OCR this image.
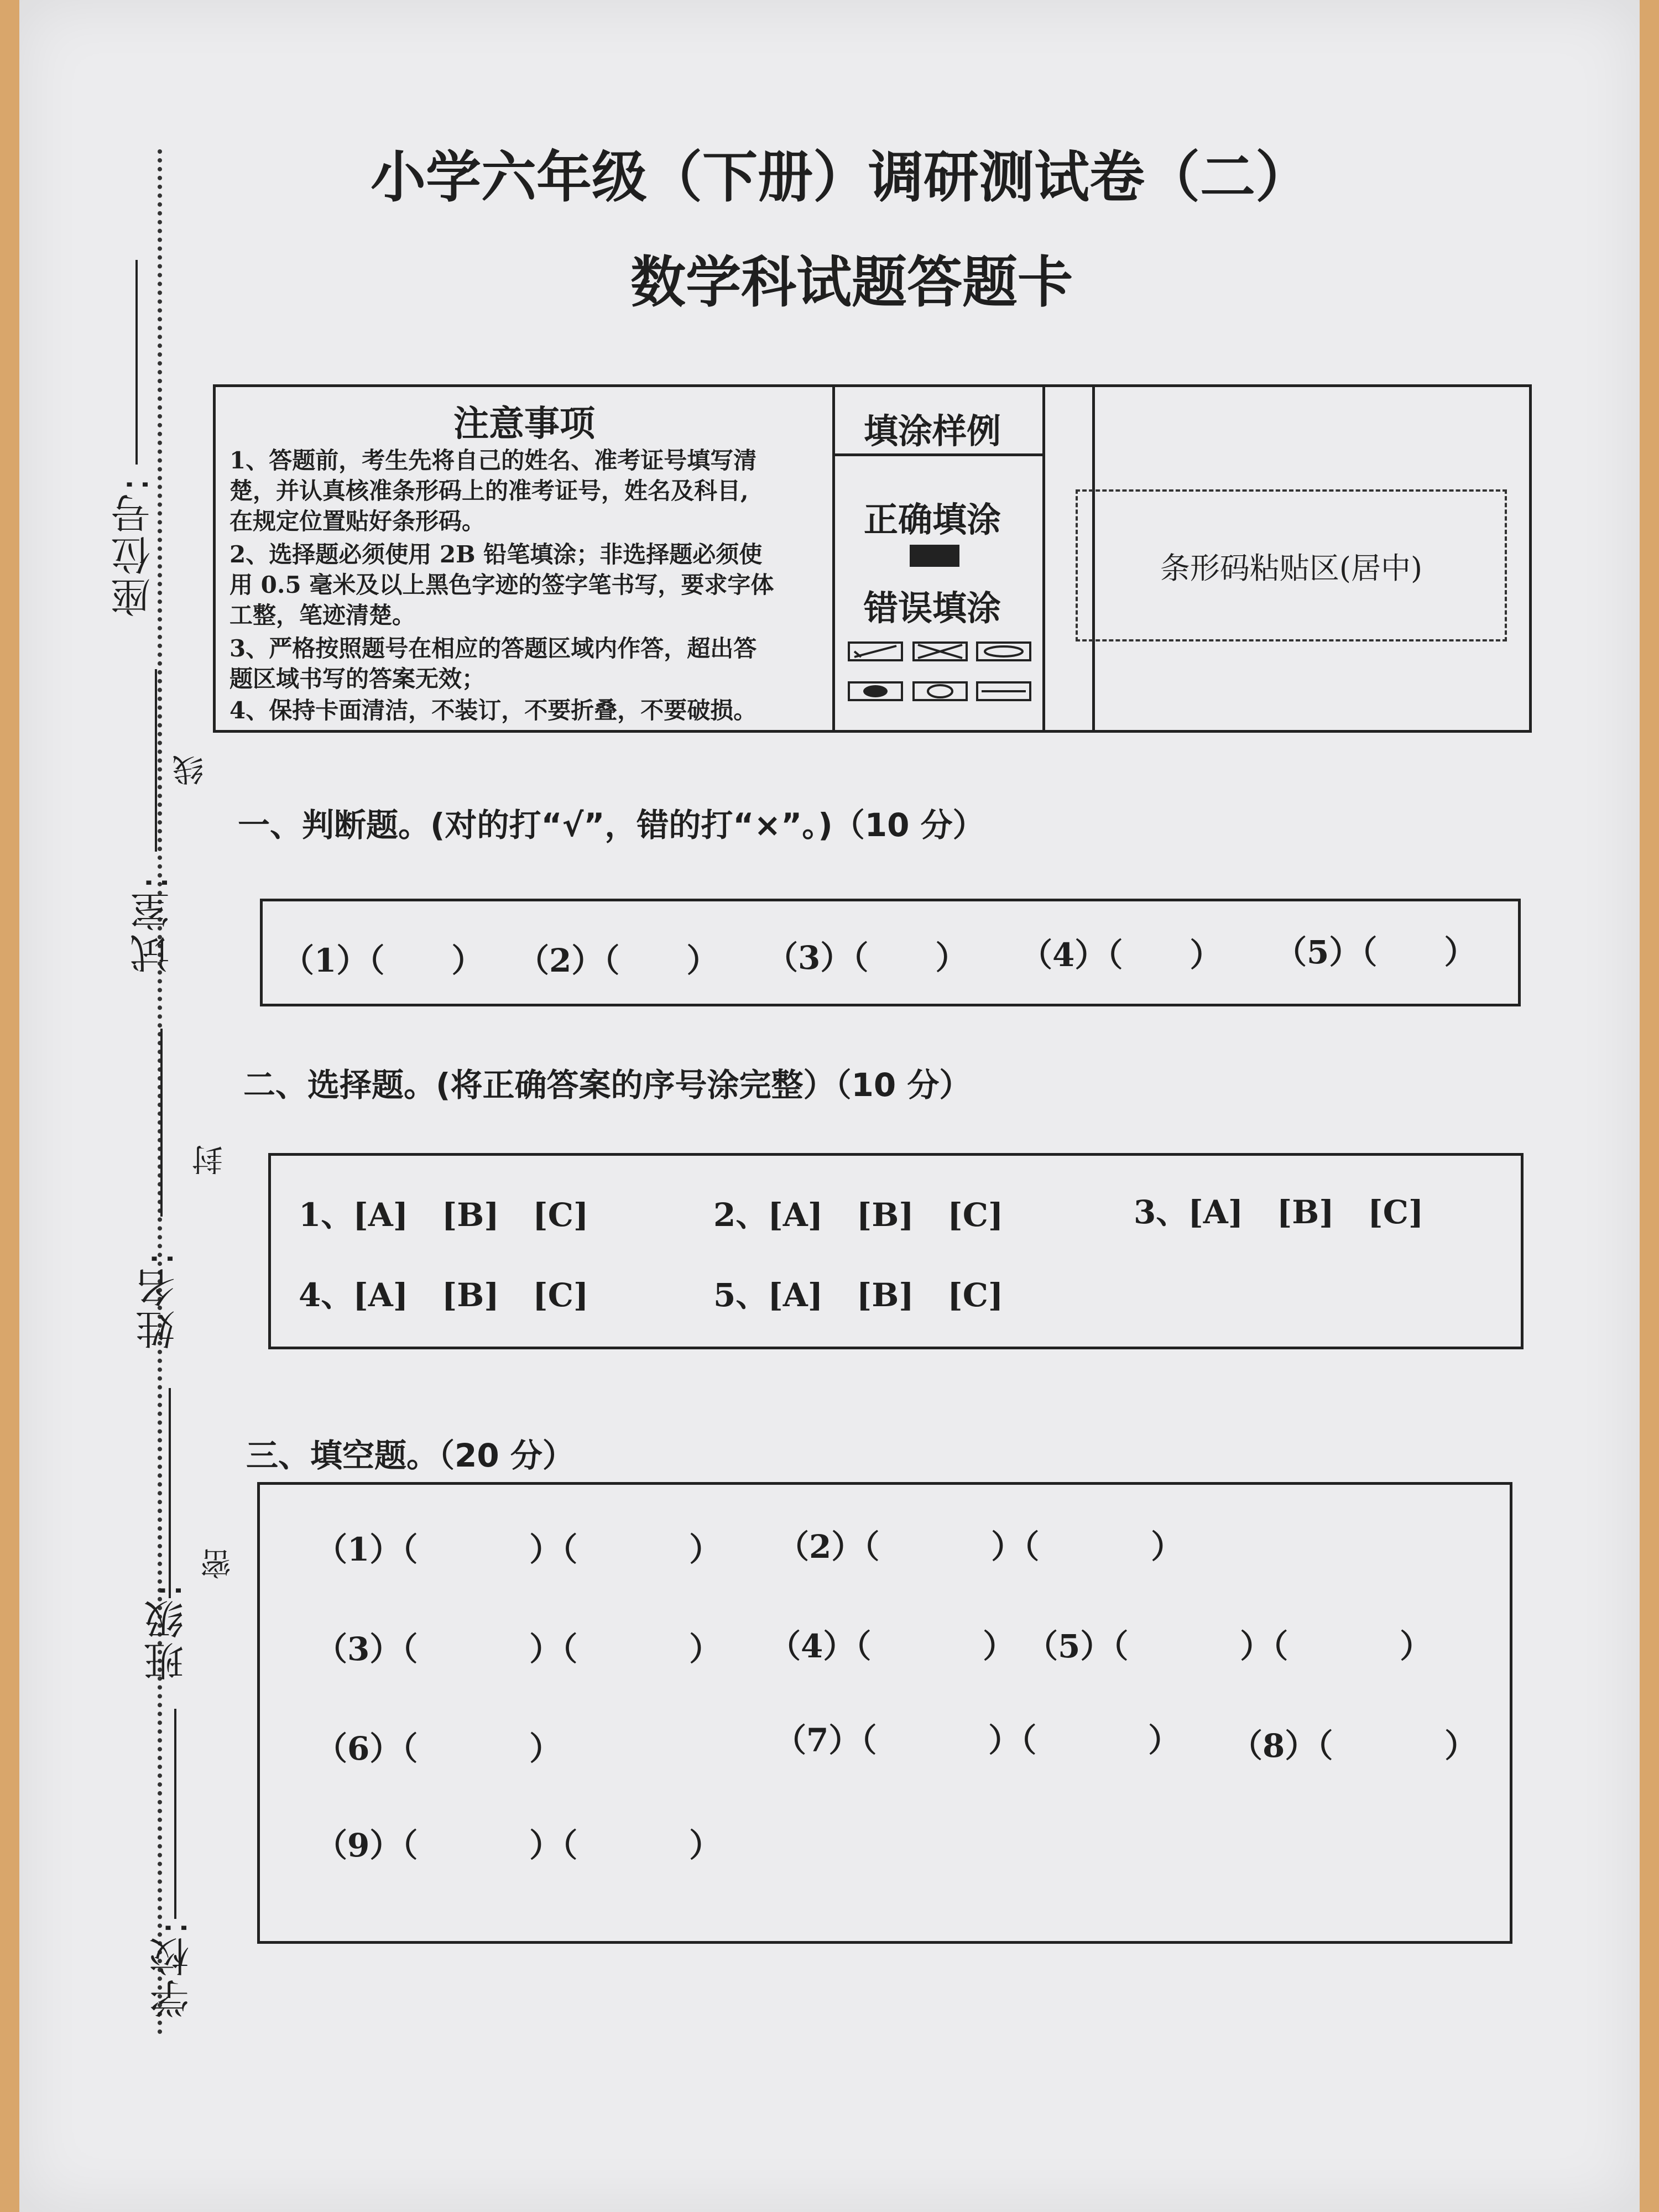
座位号:
试室:
姓名:
班级:
学校:
线
封
密
小学六年级（下册）调研测试卷（二）
数学科试题答题卡
注意事项
1、答题前，考生先将自己的姓名、准考证号填写清
楚，并认真核准条形码上的准考证号，姓名及科目,
在规定位置贴好条形码。
2、选择题必须使用 2B 铅笔填涂；非选择题必须使
用 0.5 毫米及以上黑色字迹的签字笔书写，要求字体
工整，笔迹清楚。
3、严格按照题号在相应的答题区域内作答，超出答
题区域书写的答案无效；
4、保持卡面清洁，不装订，不要折叠，不要破损。
填涂样例
正确填涂
错误填涂
条形码粘贴区(居中)
一、判断题。(对的打“√”，错的打“×”。)（10 分）
（1）（      ） （2）（      ） （3）（      ） （4）（      ） （5）（      ）
二、选择题。(将正确答案的序号涂完整）（10 分）
1、[A]   [B]   [C]	2、[A]   [B]   [C]	3、[A]   [B]   [C]
4、[A]   [B]   [C]	5、[A]   [B]   [C]
三、填空题。（20 分）
（1）（          ）（          ） （2）（          ）（          ）
（3）（          ）（          ） （4）（          ） （5）（          ）（          ）
（6）（          ）	（7）（          ）（          ） （8）（          ）
（9）（          ）（          ）
